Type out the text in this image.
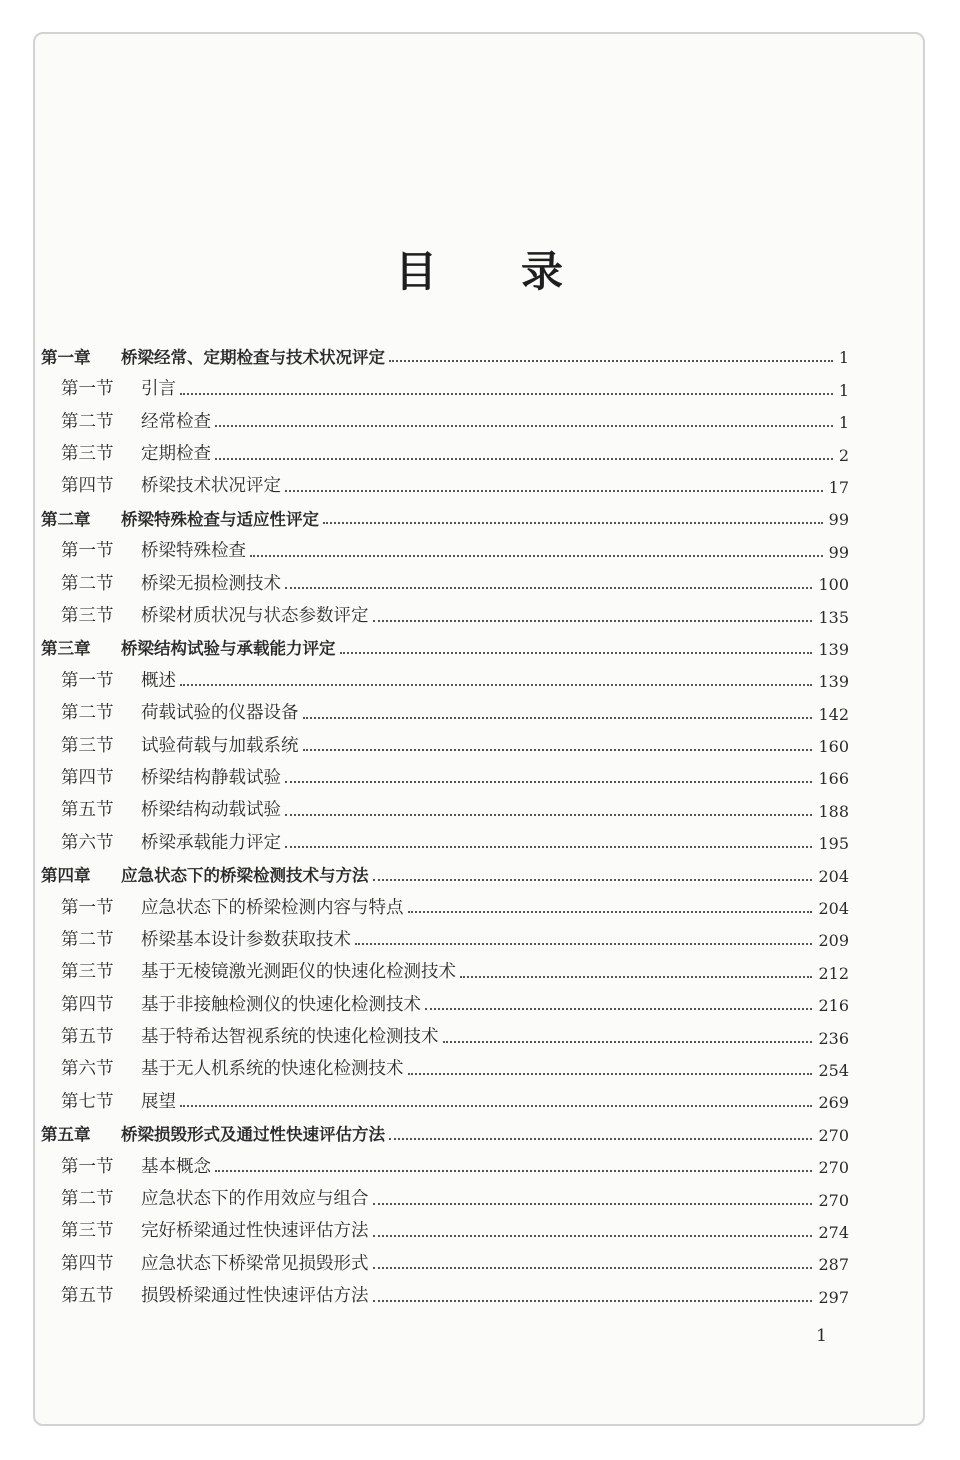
目录
第一章	桥梁经常、定期检查与技术状况评定	1
第一节	引言	1
第二节	经常检查	1
第三节	定期检查	2
第四节	桥梁技术状况评定	17
第二章	桥梁特殊检查与适应性评定	99
第一节	桥梁特殊检查	99
第二节	桥梁无损检测技术	100
第三节	桥梁材质状况与状态参数评定	135
第三章	桥梁结构试验与承载能力评定	139
第一节	概述	139
第二节	荷载试验的仪器设备	142
第三节	试验荷载与加载系统	160
第四节	桥梁结构静载试验	166
第五节	桥梁结构动载试验	188
第六节	桥梁承载能力评定	195
第四章	应急状态下的桥梁检测技术与方法	204
第一节	应急状态下的桥梁检测内容与特点	204
第二节	桥梁基本设计参数获取技术	209
第三节	基于无棱镜激光测距仪的快速化检测技术	212
第四节	基于非接触检测仪的快速化检测技术	216
第五节	基于特希达智视系统的快速化检测技术	236
第六节	基于无人机系统的快速化检测技术	254
第七节	展望	269
第五章	桥梁损毁形式及通过性快速评估方法	270
第一节	基本概念	270
第二节	应急状态下的作用效应与组合	270
第三节	完好桥梁通过性快速评估方法	274
第四节	应急状态下桥梁常见损毁形式	287
第五节	损毁桥梁通过性快速评估方法	297
1
